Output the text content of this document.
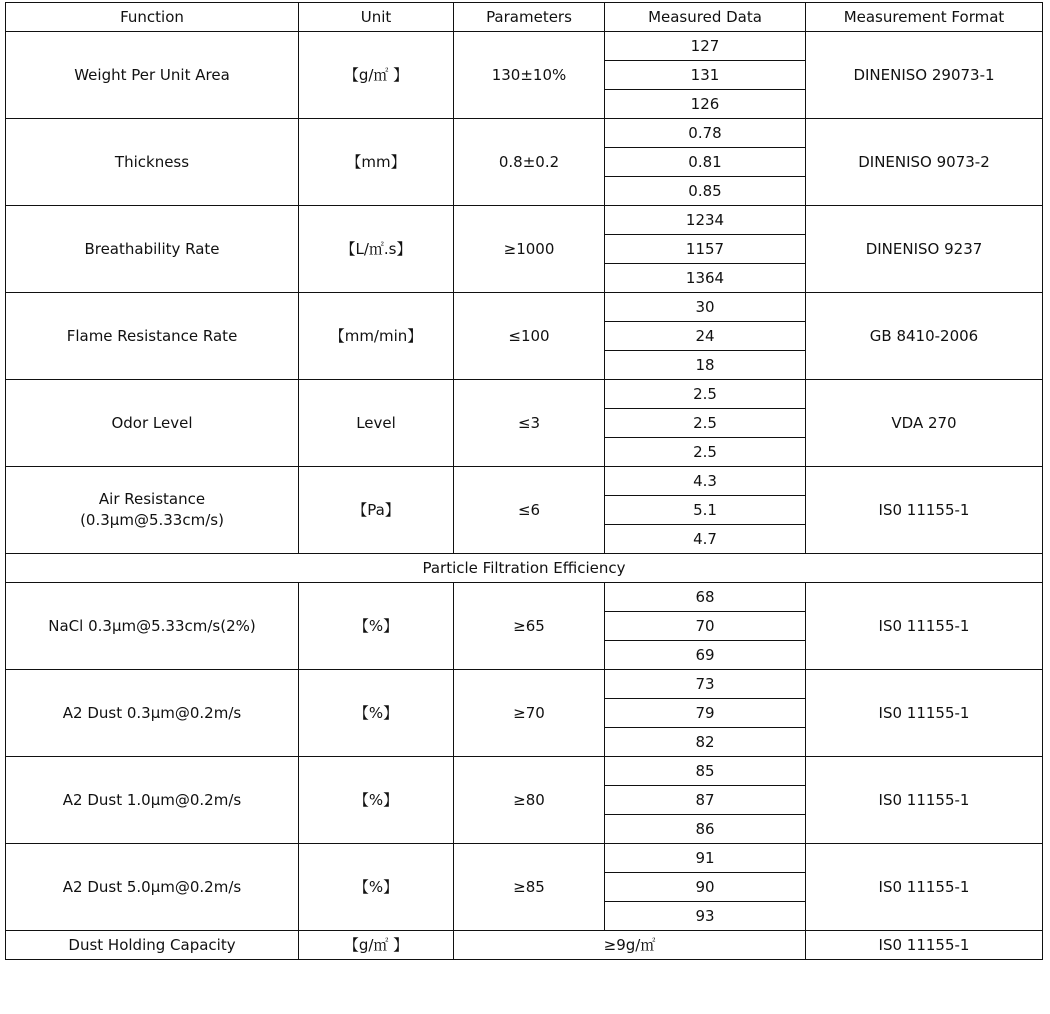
Function	Unit	Parameters	Measured Data	Measurement Format
Weight Per Unit Area	【g/㎡ 】	130±10%	127	DINENISO 29073-1
			131	
			126	
Thickness	【mm】	0.8±0.2	0.78	DINENISO 9073-2
			0.81	
			0.85	
Breathability Rate	【L/㎡.s】	≥1000	1234	DINENISO 9237
			1157	
			1364	
Flame Resistance Rate	【mm/min】	≤100	30	GB 8410-2006
			24	
			18	
Odor Level	Level	≤3	2.5	VDA 270
			2.5	
			2.5	
Air Resistance
(0.3μm@5.33cm/s)	【Pa】	≤6	4.3	IS0 11155-1
			5.1	
			4.7	
Particle Filtration Efficiency				
NaCl 0.3μm@5.33cm/s(2%)	【%】	≥65	68	IS0 11155-1
			70	
			69	
A2 Dust 0.3μm@0.2m/s	【%】	≥70	73	IS0 11155-1
			79	
			82	
A2 Dust 1.0μm@0.2m/s	【%】	≥80	85	IS0 11155-1
			87	
			86	
A2 Dust 5.0μm@0.2m/s	【%】	≥85	91	IS0 11155-1
			90	
			93	
Dust Holding Capacity	【g/㎡ 】	≥9g/㎡		IS0 11155-1
